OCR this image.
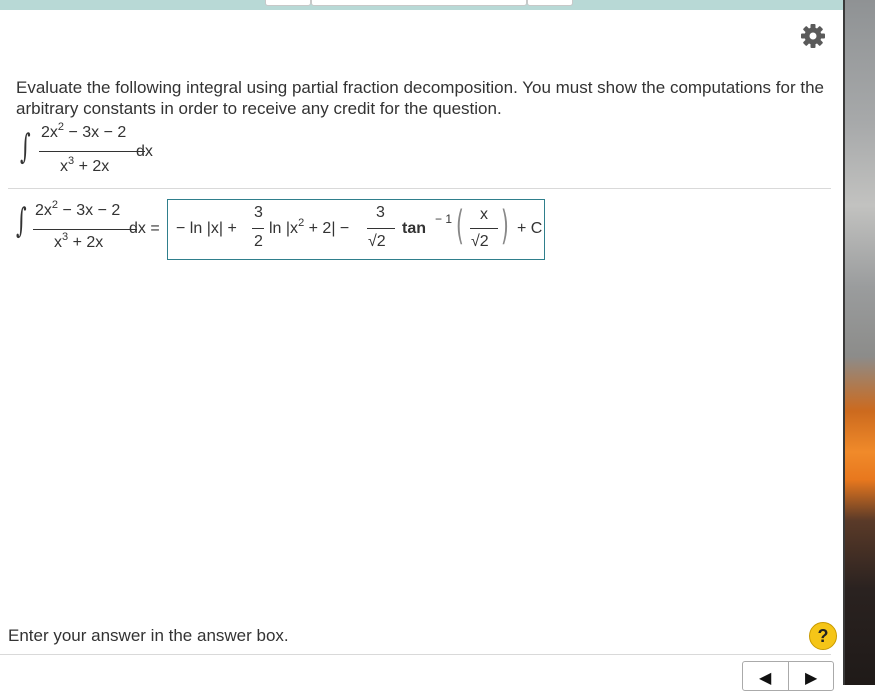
Evaluate the following integral using partial fraction decomposition. You must show the computations for the arbitrary constants in order to receive any credit for the question.
∫ $2x^2 - 3x - 2$
dx
$x^3 + 2x$
∫ $2x^2 - 3x - 2$
dx =
$x^3 + 2x$
− ln |x| +
3
2
$\ln |x^2 + 2|$ −
3
√2
tan
− 1 ( x
√2 ) + C
Enter your answer in the answer box.	?
◀ ▶
